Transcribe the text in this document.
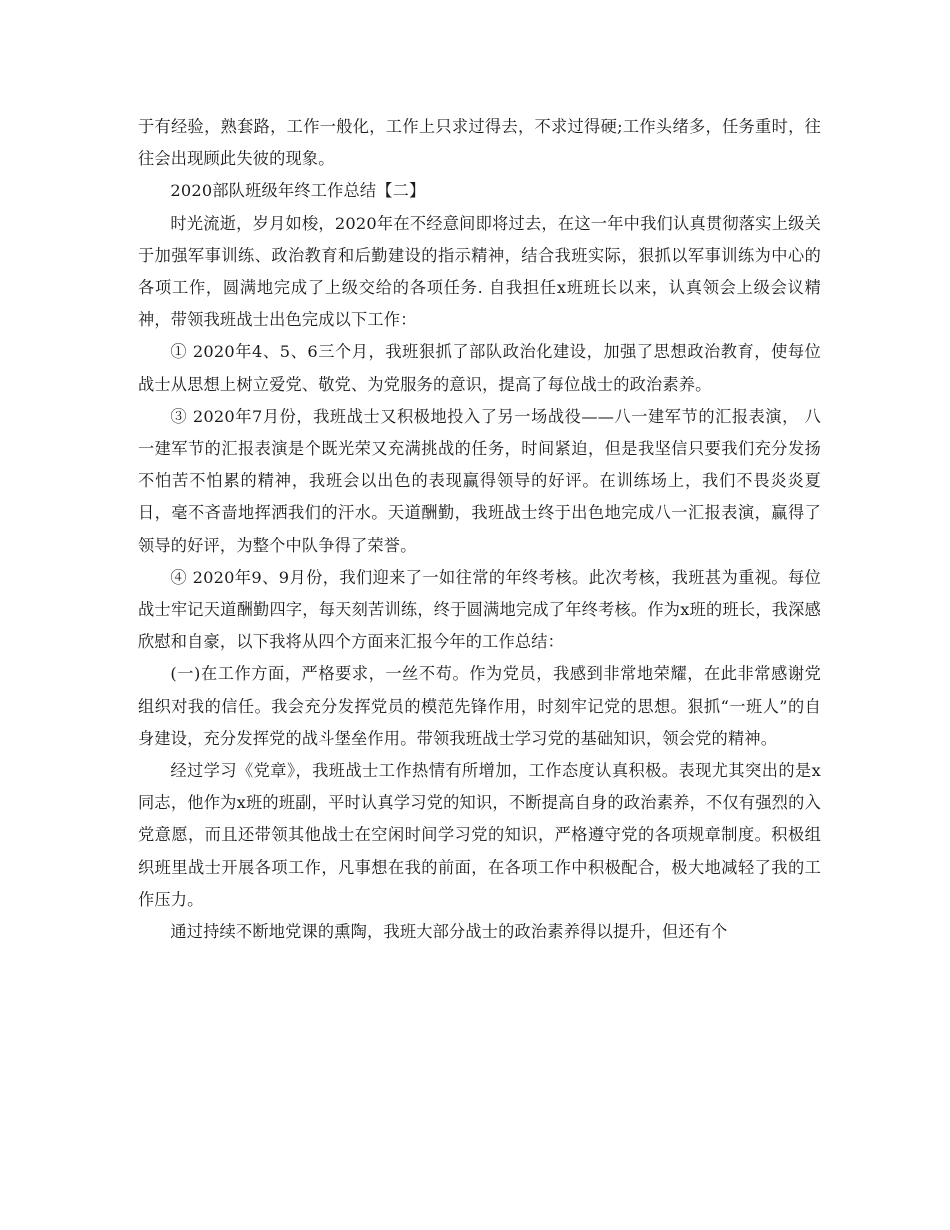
于有经验，熟套路，工作一般化，工作上只求过得去，不求过得硬;工作头绪多，任务重时，往往会出现顾此失彼的现象。

2020部队班级年终工作总结【二】

时光流逝，岁月如梭，2020年在不经意间即将过去，在这一年中我们认真贯彻落实上级关于加强军事训练、政治教育和后勤建设的指示精神，结合我班实际，狠抓以军事训练为中心的各项工作，圆满地完成了上级交给的各项任务. 自我担任x班班长以来，认真领会上级会议精神，带领我班战士出色完成以下工作：

① 2020年4、5、6三个月，我班狠抓了部队政治化建设，加强了思想政治教育，使每位战士从思想上树立爱党、敬党、为党服务的意识，提高了每位战士的政治素养。

③ 2020年7月份，我班战士又积极地投入了另一场战役——八一建军节的汇报表演， 八一建军节的汇报表演是个既光荣又充满挑战的任务，时间紧迫，但是我坚信只要我们充分发扬不怕苦不怕累的精神，我班会以出色的表现赢得领导的好评。在训练场上，我们不畏炎炎夏日，毫不吝啬地挥洒我们的汗水。天道酬勤，我班战士终于出色地完成八一汇报表演，赢得了领导的好评，为整个中队争得了荣誉。

④ 2020年9、9月份，我们迎来了一如往常的年终考核。此次考核，我班甚为重视。每位战士牢记天道酬勤四字，每天刻苦训练，终于圆满地完成了年终考核。作为x班的班长，我深感欣慰和自豪，以下我将从四个方面来汇报今年的工作总结：

(一)在工作方面，严格要求，一丝不苟。作为党员，我感到非常地荣耀，在此非常感谢党组织对我的信任。我会充分发挥党员的模范先锋作用，时刻牢记党的思想。狠抓“一班人”的自身建设，充分发挥党的战斗堡垒作用。带领我班战士学习党的基础知识，领会党的精神。

经过学习《党章》，我班战士工作热情有所增加，工作态度认真积极。表现尤其突出的是x同志，他作为x班的班副，平时认真学习党的知识，不断提高自身的政治素养，不仅有强烈的入党意愿，而且还带领其他战士在空闲时间学习党的知识，严格遵守党的各项规章制度。积极组织班里战士开展各项工作，凡事想在我的前面，在各项工作中积极配合，极大地减轻了我的工作压力。

通过持续不断地党课的熏陶，我班大部分战士的政治素养得以提升，但还有个
